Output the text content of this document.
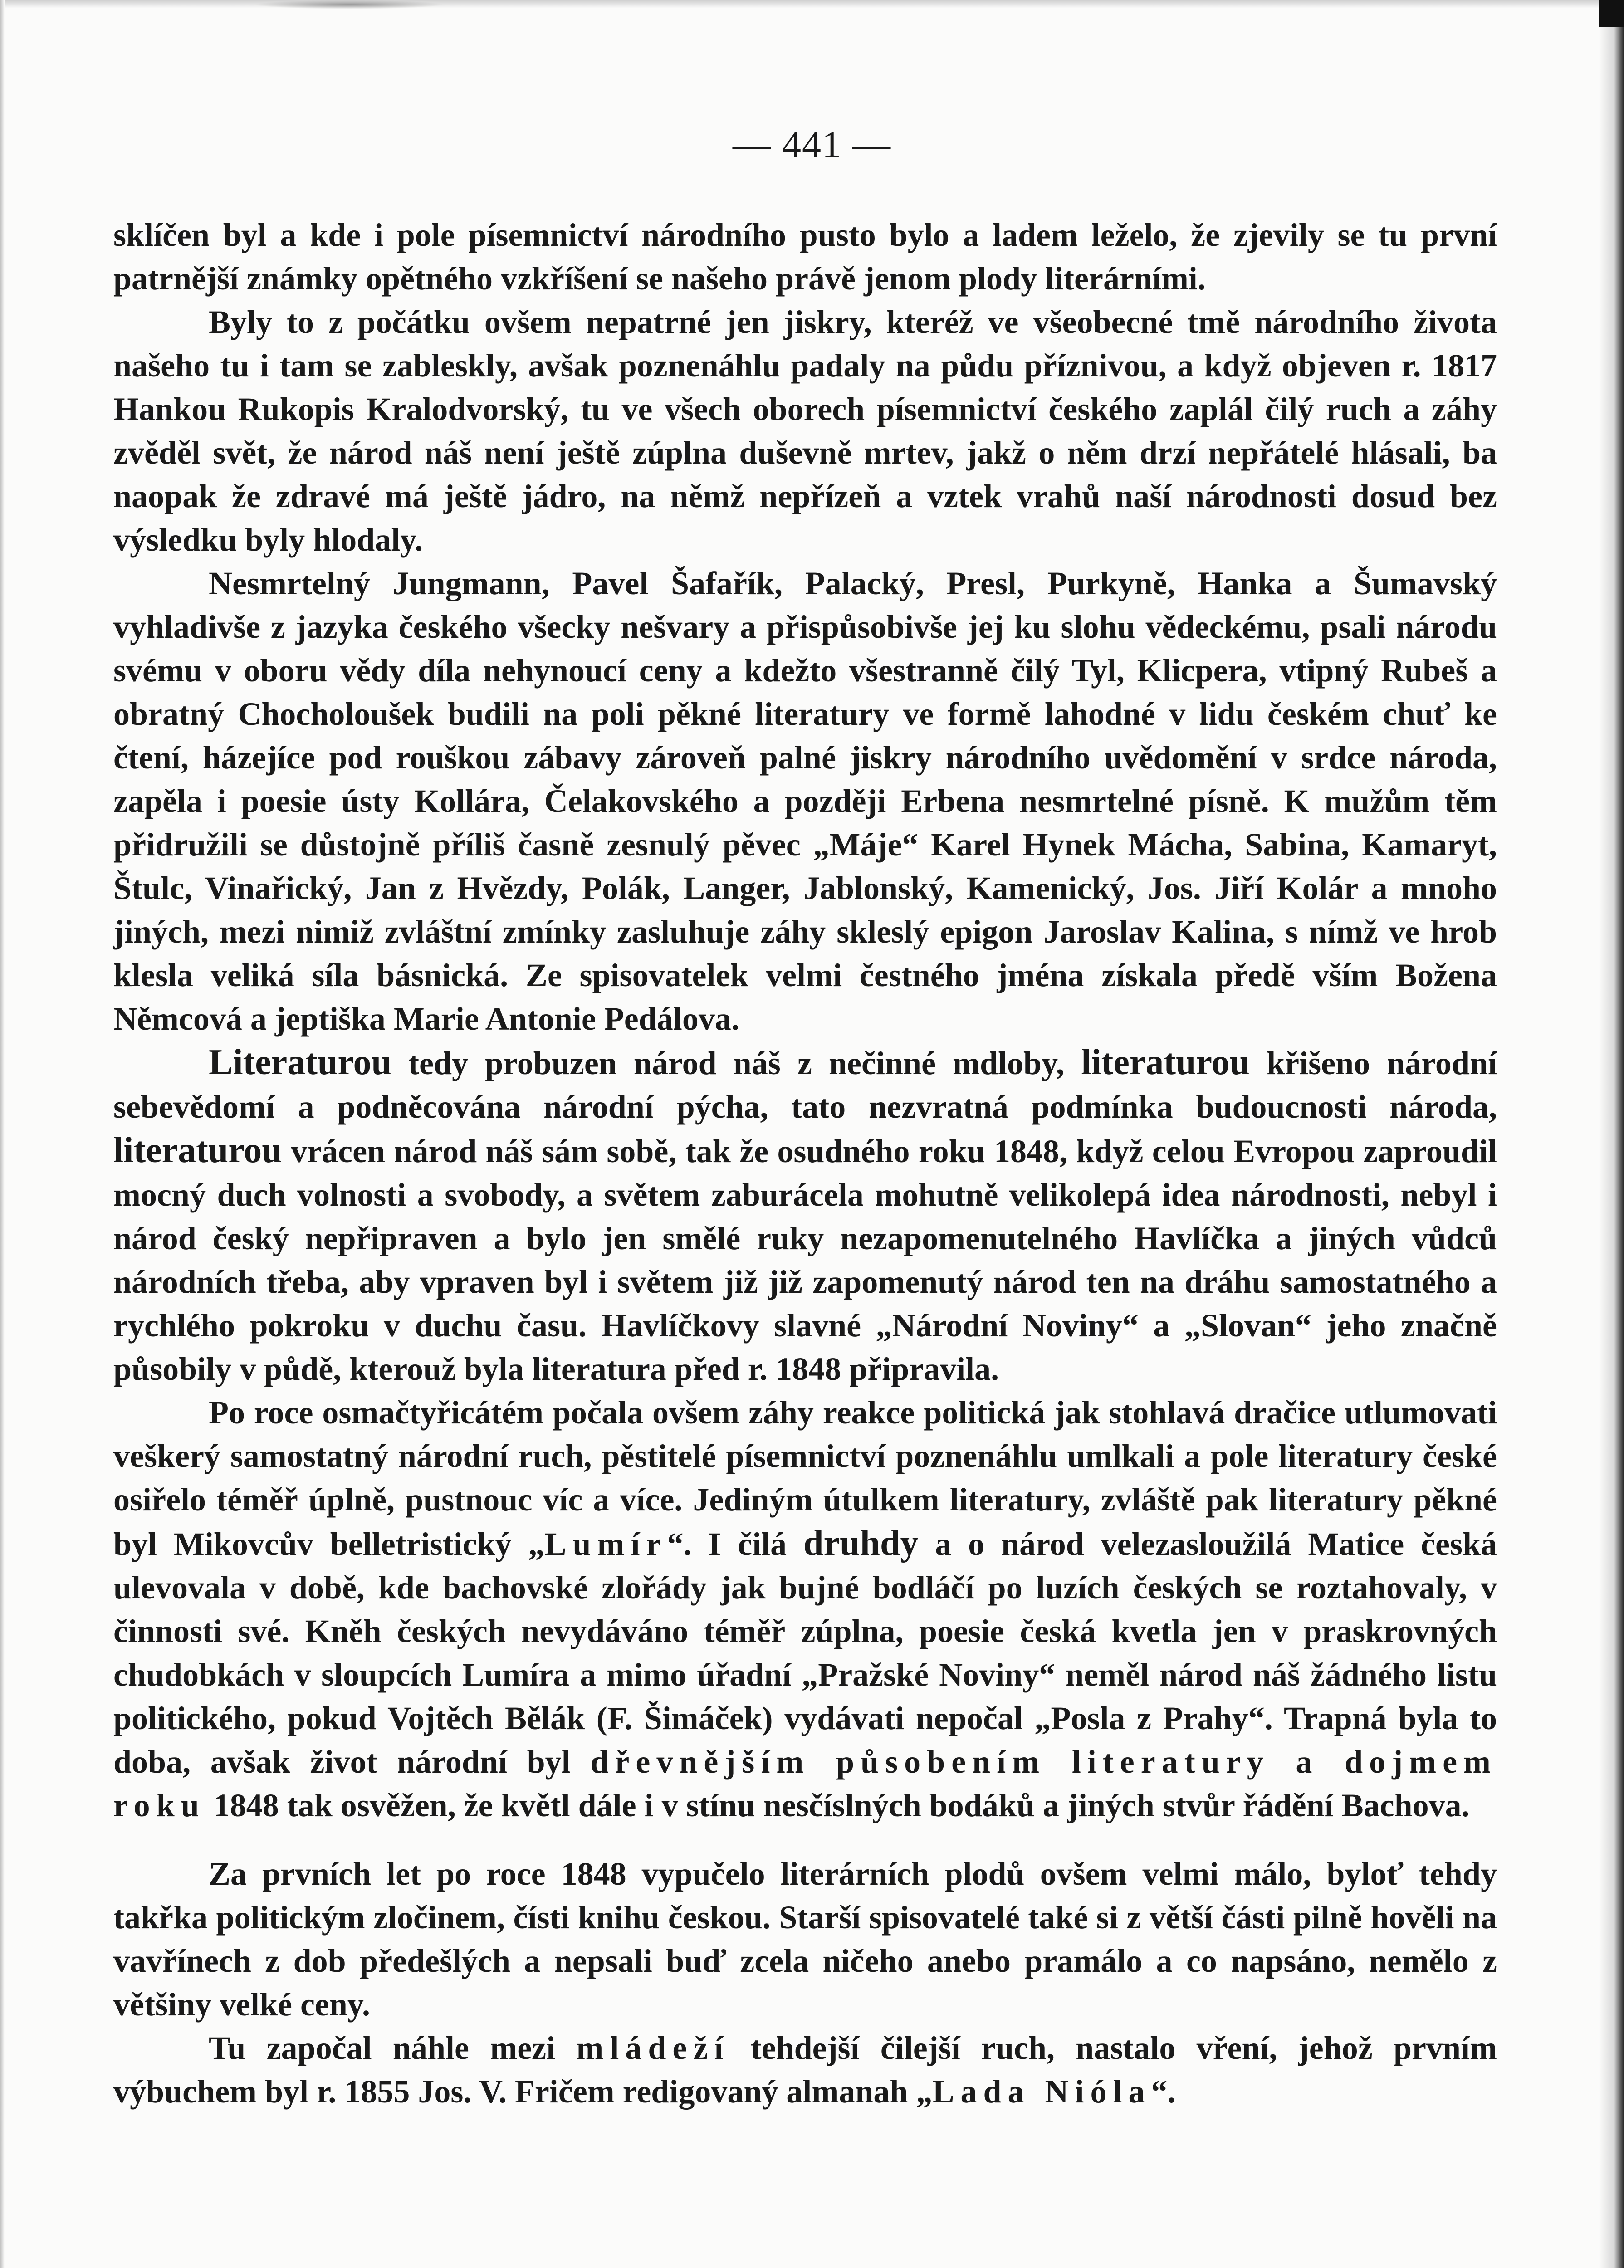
— 441 —

sklíčen byl a kde i pole písemnictví národního pusto bylo a ladem leželo, že zjevily se tu první patrnější známky opětného vzkříšení se našeho právě jenom plody literárními.

Byly to z počátku ovšem nepatrné jen jiskry, kteréž ve všeobecné tmě národního života našeho tu i tam se zableskly, avšak poznenáhlu padaly na půdu příznivou, a když objeven r. 1817 Hankou Rukopis Kralodvorský, tu ve všech oborech písemnictví českého zaplál čilý ruch a záhy zvěděl svět, že národ náš není ještě zúplna duševně mrtev, jakž o něm drzí nepřátelé hlásali, ba naopak že zdravé má ještě jádro, na němž nepřízeň a vztek vrahů naší národnosti dosud bez výsledku byly hlodaly.

Nesmrtelný Jungmann, Pavel Šafařík, Palacký, Presl, Purkyně, Hanka a Šumavský vyhladivše z jazyka českého všecky nešvary a přispůsobivše jej ku slohu vědeckému, psali národu svému v oboru vědy díla nehynoucí ceny a kdežto všestranně čilý Tyl, Klicpera, vtipný Rubeš a obratný Chocholoušek budili na poli pěkné literatury ve formě lahodné v lidu českém chuť ke čtení, házejíce pod rouškou zábavy zároveň palné jiskry národního uvědomění v srdce národa, zapěla i poesie ústy Kollára, Čelakovského a později Erbena nesmrtelné písně. K mužům těm přidružili se důstojně příliš časně zesnulý pěvec „Máje“ Karel Hynek Mácha, Sabina, Kamaryt, Štulc, Vinařický, Jan z Hvězdy, Polák, Langer, Jablonský, Kamenický, Jos. Jiří Kolár a mnoho jiných, mezi nimiž zvláštní zmínky zasluhuje záhy skleslý epigon Jaroslav Kalina, s nímž ve hrob klesla veliká síla básnická. Ze spisovatelek velmi čestného jména získala předě vším Božena Němcová a jeptiška Marie Antonie Pedálova.

Literaturou tedy probuzen národ náš z nečinné mdloby, literaturou křišeno národní sebevědomí a podněcována národní pýcha, tato nezvratná podmínka budoucnosti národa, literaturou vrácen národ náš sám sobě, tak že osudného roku 1848, když celou Evropou zaproudil mocný duch volnosti a svobody, a světem zaburácela mohutně velikolepá idea národnosti, nebyl i národ český nepřipraven a bylo jen smělé ruky nezapomenutelného Havlíčka a jiných vůdců národních třeba, aby vpraven byl i světem již již zapomenutý národ ten na dráhu samostatného a rychlého pokroku v duchu času. Havlíčkovy slavné „Národní Noviny“ a „Slovan“ jeho značně působily v půdě, kterouž byla literatura před r. 1848 připravila.

Po roce osmačtyřicátém počala ovšem záhy reakce politická jak stohlavá dračice utlumovati veškerý samostatný národní ruch, pěstitelé písemnictví poznenáhlu umlkali a pole literatury české osiřelo téměř úplně, pustnouc víc a více. Jediným útulkem literatury, zvláště pak literatury pěkné byl Mikovcův belletristický „Lumír“. I čilá druhdy a o národ velezasloužilá Matice česká ulevovala v době, kde bachovské zlořády jak bujné bodláčí po luzích českých se roztahovaly, v činnosti své. Kněh českých nevydáváno téměř zúplna, poesie česká kvetla jen v praskrovných chudobkách v sloupcích Lumíra a mimo úřadní „Pražské Noviny“ neměl národ náš žádného listu politického, pokud Vojtěch Bělák (F. Šimáček) vydávati nepočal „Posla z Prahy“. Trapná byla to doba, avšak život národní byl dřevnějším působením literatury a dojmem roku 1848 tak osvěžen, že květl dále i v stínu nesčíslných bodáků a jiných stvůr řádění Bachova.

Za prvních let po roce 1848 vypučelo literárních plodů ovšem velmi málo, byloť tehdy takřka politickým zločinem, čísti knihu českou. Starší spisovatelé také si z větší části pilně hověli na vavřínech z dob předešlých a nepsali buď zcela ničeho anebo pramálo a co napsáno, nemělo z většiny velké ceny.

Tu započal náhle mezi mládeží tehdejší čilejší ruch, nastalo vření, jehož prvním výbuchem byl r. 1855 Jos. V. Fričem redigovaný almanah „Lada Nióla“.
